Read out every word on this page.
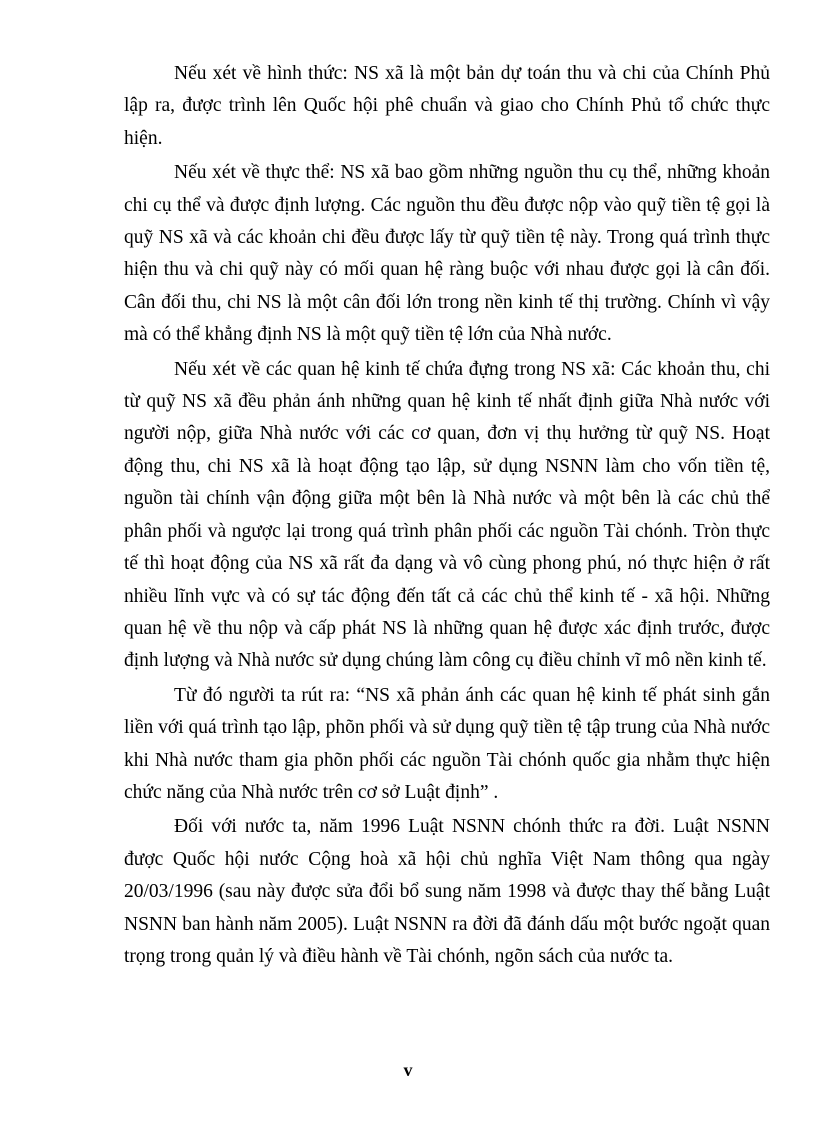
Nếu xét về hình thức: NS xã là một bản dự toán thu và chi của Chính Phủ lập ra, được trình lên Quốc hội phê chuẩn và giao cho Chính Phủ tổ chức thực hiện.

Nếu xét về thực thể: NS xã bao gồm những nguồn thu cụ thể, những khoản chi cụ thể và được định lượng. Các nguồn thu đều được nộp vào quỹ tiền tệ gọi là quỹ NS xã và các khoản chi đều được lấy từ quỹ tiền tệ này. Trong quá trình thực hiện thu và chi quỹ này có mối quan hệ ràng buộc với nhau được gọi là cân đối. Cân đối thu, chi NS là một cân đối lớn trong nền kinh tế thị trường. Chính vì vậy mà có thể khẳng định NS là một quỹ tiền tệ lớn của Nhà nước.

Nếu xét về các quan hệ kinh tế chứa đựng trong NS xã: Các khoản thu, chi từ quỹ NS xã đều phản ánh những quan hệ kinh tế nhất định giữa Nhà nước với người nộp, giữa Nhà nước với các cơ quan, đơn vị thụ hưởng từ quỹ NS. Hoạt động thu, chi NS xã là hoạt động tạo lập, sử dụng NSNN làm cho vốn tiền tệ, nguồn tài chính vận động giữa một bên là Nhà nước và một bên là các chủ thể phân phối và ngược lại trong quá trình phân phối các nguồn Tài chónh. Tròn thực tế thì hoạt động của NS xã rất đa dạng và vô cùng phong phú, nó thực hiện ở rất nhiều lĩnh vực và có sự tác động đến tất cả các chủ thể kinh tế - xã hội. Những quan hệ về thu nộp và cấp phát NS là những quan hệ được xác định trước, được định lượng và Nhà nước sử dụng chúng làm công cụ điều chỉnh vĩ mô nền kinh tế.

Từ đó người ta rút ra: “NS xã phản ánh các quan hệ kinh tế phát sinh gắn liền với quá trình tạo lập, phõn phối và sử dụng quỹ tiền tệ tập trung của Nhà nước khi Nhà nước tham gia phõn phối các nguồn Tài chónh quốc gia nhằm thực hiện chức năng của Nhà nước trên cơ sở Luật định” .

Đối với nước ta, năm 1996 Luật NSNN chónh thức ra đời. Luật NSNN được Quốc hội nước Cộng hoà xã hội chủ nghĩa Việt Nam thông qua ngày 20/03/1996 (sau này được sửa đổi bổ sung năm 1998 và được thay thế bằng Luật NSNN ban hành năm 2005). Luật NSNN ra đời đã đánh dấu một bước ngoặt quan trọng trong quản lý và điều hành về Tài chónh, ngõn sách của nước ta.

v
